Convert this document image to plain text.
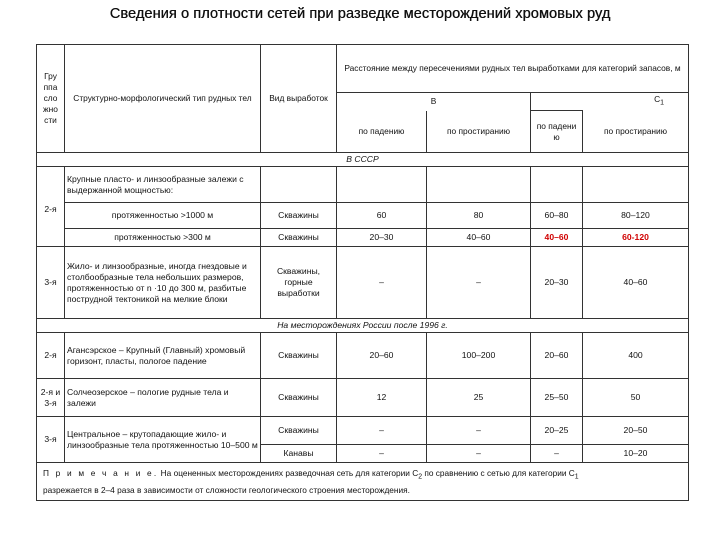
Сведения о плотности сетей при разведке месторождений хромовых руд
Гру ппа сло жно сти	Структурно-морфологический тип рудных тел	Вид выработок	Расстояние между пересечениями рудных тел выработками для категорий запасов, м			
			B		$C_1$
			по падению	по простиранию	по падени ю	по простиранию
В СССР						
	Крупные пласто- и линзообразные залежи с выдержанной мощностью:					
2-я	протяженностью >1000 м	Скважины	60	80	60–80	80–120
	протяженностью >300 м	Скважины	20–30	40–60	40–60	60-120
3-я	Жило- и линзообразные, иногда гнездовые и столбообразные тела небольших размеров, протяженностью от n ·10 до 300 м, разбитые пострудной тектоникой на мелкие блоки	Скважины, горные выработки	–	–	20–30	40–60
На месторождениях России после 1996 г.						
2-я	Агансэрское – Крупный (Главный) хромовый горизонт, пласты, пологое падение	Скважины	20–60	100–200	20–60	400
2-я и 3-я	Солчеозерское – пологие рудные тела и залежи	Скважины	12	25	25–50	50
3-я	Центральное – крутопадающие жило- и линзообразные тела протяженностью 10–500 м	Скважины	–	–	20–25	20–50
		Канавы	–	–	–	10–20
П р и м е ч а н и е. На оцененных месторождениях разведочная сеть для категории $С_2$ по сравнению с сетью для категории $С_1$
разрежается в 2–4 раза в зависимости от сложности геологического строения месторождения.						
